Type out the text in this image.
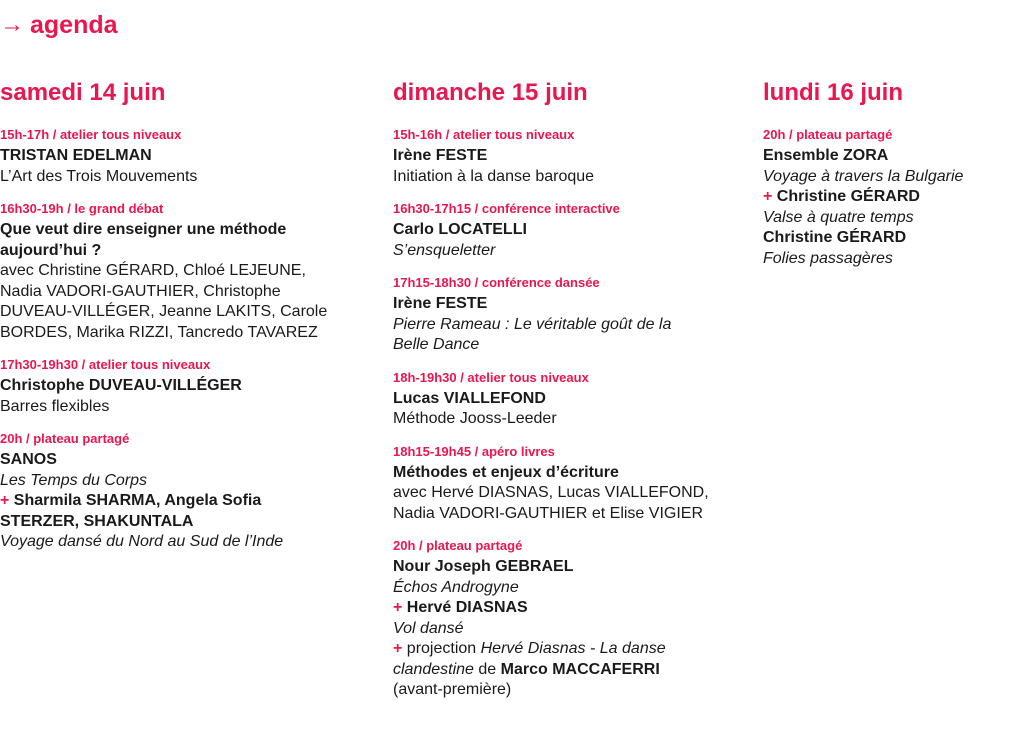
→ agenda
samedi 14 juin
15h-17h / atelier tous niveaux
TRISTAN EDELMAN
L’Art des Trois Mouvements
16h30-19h / le grand débat
Que veut dire enseigner une méthode
aujourd’hui ?
avec Christine GÉRARD, Chloé LEJEUNE,
Nadia VADORI-GAUTHIER, Christophe
DUVEAU-VILLÉGER, Jeanne LAKITS, Carole
BORDES, Marika RIZZI, Tancredo TAVAREZ
17h30-19h30 / atelier tous niveaux
Christophe DUVEAU-VILLÉGER
Barres flexibles
20h / plateau partagé
SANOS
Les Temps du Corps
+ Sharmila SHARMA, Angela Sofia
STERZER, SHAKUNTALA
Voyage dansé du Nord au Sud de l’Inde
dimanche 15 juin
15h-16h / atelier tous niveaux
Irène FESTE
Initiation à la danse baroque
16h30-17h15 / conférence interactive
Carlo LOCATELLI
S’ensqueletter
17h15-18h30 / conférence dansée
Irène FESTE
Pierre Rameau : Le véritable goût de la
Belle Dance
18h-19h30 / atelier tous niveaux
Lucas VIALLEFOND
Méthode Jooss-Leeder
18h15-19h45 / apéro livres
Méthodes et enjeux d’écriture
avec Hervé DIASNAS, Lucas VIALLEFOND,
Nadia VADORI-GAUTHIER et Elise VIGIER
20h / plateau partagé
Nour Joseph GEBRAEL
Échos Androgyne
+ Hervé DIASNAS
Vol dansé
+ projection Hervé Diasnas - La danse
clandestine de Marco MACCAFERRI
(avant-première)
lundi 16 juin
20h / plateau partagé
Ensemble ZORA
Voyage à travers la Bulgarie
+ Christine GÉRARD
Valse à quatre temps
Christine GÉRARD
Folies passagères
